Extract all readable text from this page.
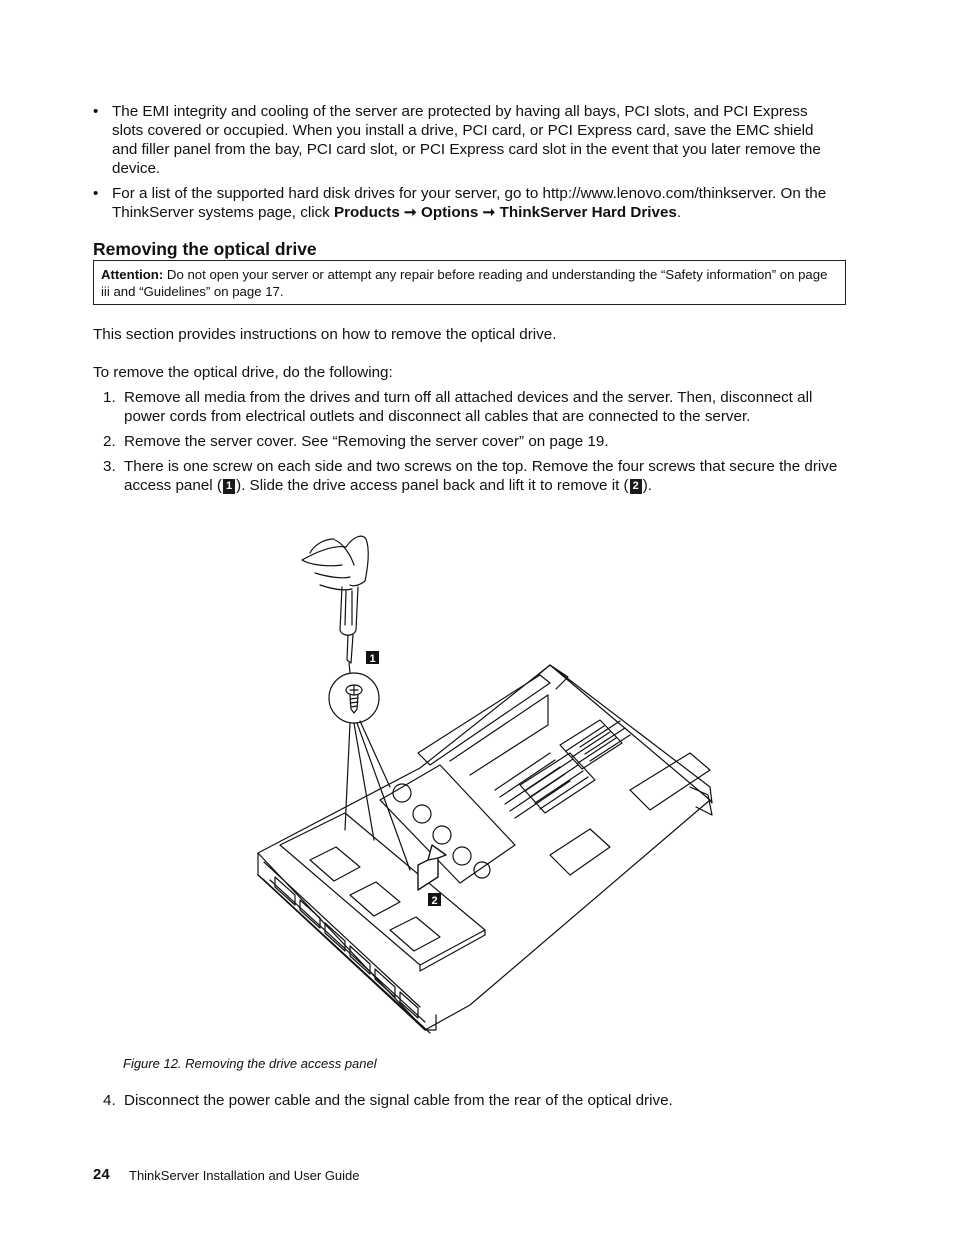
• The EMI integrity and cooling of the server are protected by having all bays, PCI slots, and PCI Express slots covered or occupied. When you install a drive, PCI card, or PCI Express card, save the EMC shield and filler panel from the bay, PCI card slot, or PCI Express card slot in the event that you later remove the device.
• For a list of the supported hard disk drives for your server, go to http://www.lenovo.com/thinkserver. On the ThinkServer systems page, click Products ➞ Options ➞ ThinkServer Hard Drives.
Removing the optical drive
Attention: Do not open your server or attempt any repair before reading and understanding the “Safety information” on page iii and “Guidelines” on page 17.
This section provides instructions on how to remove the optical drive.
To remove the optical drive, do the following:
1. Remove all media from the drives and turn off all attached devices and the server. Then, disconnect all power cords from electrical outlets and disconnect all cables that are connected to the server.
2. Remove the server cover. See “Removing the server cover” on page 19.
3. There is one screw on each side and two screws on the top. Remove the four screws that secure the drive access panel ( 1 ). Slide the drive access panel back and lift it to remove it ( 2 ).
1
2
Figure 12. Removing the drive access panel
4. Disconnect the power cable and the signal cable from the rear of the optical drive.
24 ThinkServer Installation and User Guide
